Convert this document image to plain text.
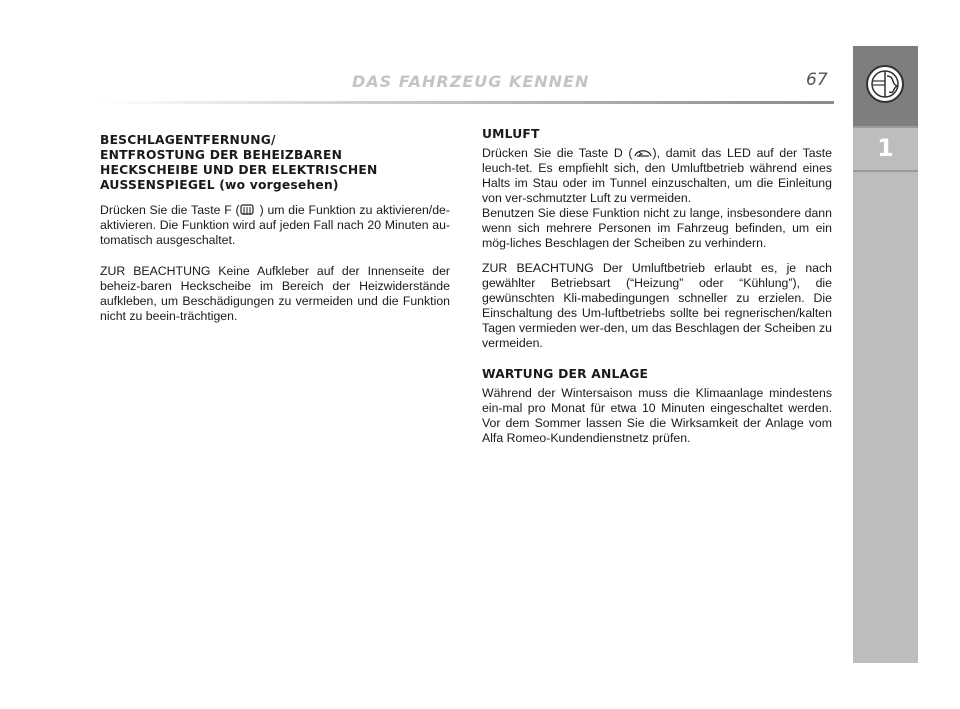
DAS FAHRZEUG KENNEN	67
1
BESCHLAGENTFERNUNG/
ENTFROSTUNG DER BEHEIZBAREN
HECKSCHEIBE UND DER ELEKTRISCHEN
AUSSENSPIEGEL (wo vorgesehen)

Drücken Sie die Taste F ( ) um die Funktion zu aktivieren/de-aktivieren. Die Funktion wird auf jeden Fall nach 20 Minuten au-tomatisch ausgeschaltet.

ZUR BEACHTUNG Keine Aufkleber auf der Innenseite der beheiz-baren Heckscheibe im Bereich der Heizwiderstände aufkleben, um Beschädigungen zu vermeiden und die Funktion nicht zu beein-trächtigen.

UMLUFT

Drücken Sie die Taste D ( ), damit das LED auf der Taste leuch-tet. Es empfiehlt sich, den Umluftbetrieb während eines Halts im Stau oder im Tunnel einzuschalten, um die Einleitung von ver-schmutzter Luft zu vermeiden.

Benutzen Sie diese Funktion nicht zu lange, insbesondere dann wenn sich mehrere Personen im Fahrzeug befinden, um ein mög-liches Beschlagen der Scheiben zu verhindern.

ZUR BEACHTUNG Der Umluftbetrieb erlaubt es, je nach gewählter Betriebsart (“Heizung” oder “Kühlung”), die gewünschten Kli-mabedingungen schneller zu erzielen. Die Einschaltung des Um-luftbetriebs sollte bei regnerischen/kalten Tagen vermieden wer-den, um das Beschlagen der Scheiben zu vermeiden.

WARTUNG DER ANLAGE

Während der Wintersaison muss die Klimaanlage mindestens ein-mal pro Monat für etwa 10 Minuten eingeschaltet werden. Vor dem Sommer lassen Sie die Wirksamkeit der Anlage vom Alfa Romeo-Kundendienstnetz prüfen.
